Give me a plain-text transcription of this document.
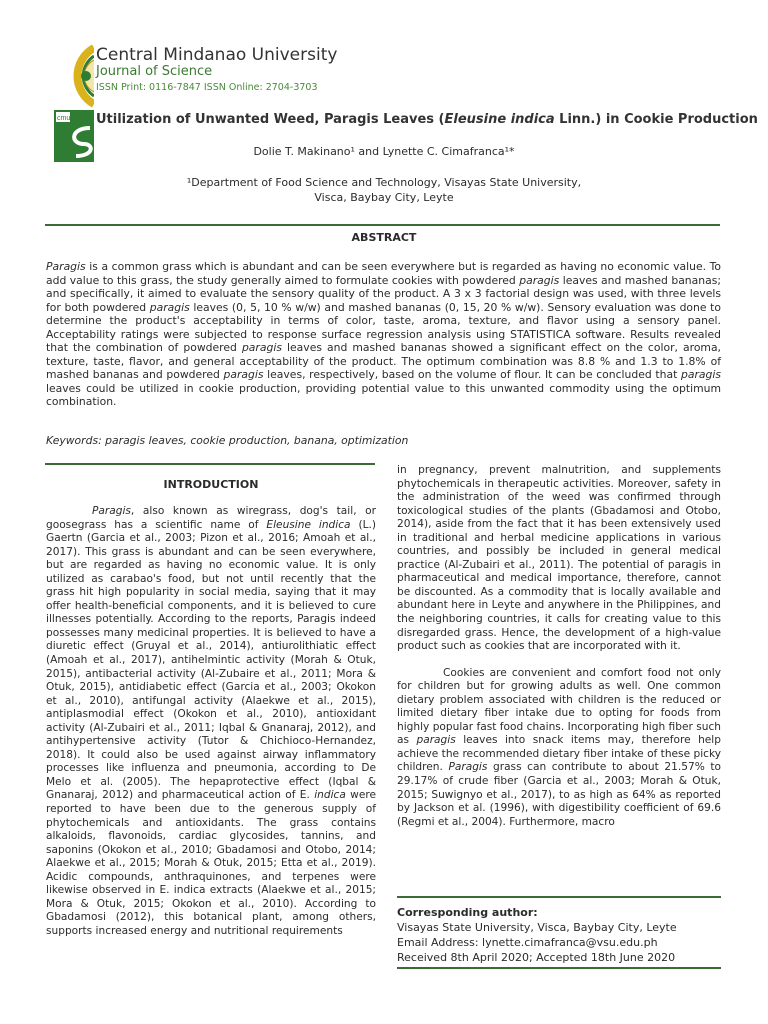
cmu
Central Mindanao University
Journal of Science
ISSN Print: 0116-7847 ISSN Online: 2704-3703
Utilization of Unwanted Weed, Paragis Leaves (Eleusine indica Linn.) in Cookie Production
Dolie T. Makinano¹ and Lynette C. Cimafranca¹*
¹Department of Food Science and Technology, Visayas State University,
Visca, Baybay City, Leyte
ABSTRACT
Paragis is a common grass which is abundant and can be seen everywhere but is regarded as having no economic value. To add value to this grass, the study generally aimed to formulate cookies with powdered paragis leaves and mashed bananas; and specifically, it aimed to evaluate the sensory quality of the product. A 3 x 3 factorial design was used, with three levels for both powdered paragis leaves (0, 5, 10 % w/w) and mashed bananas (0, 15, 20 % w/w). Sensory evaluation was done to determine the product's acceptability in terms of color, taste, aroma, texture, and flavor using a sensory panel. Acceptability ratings were subjected to response surface regression analysis using STATISTICA software. Results revealed that the combination of powdered paragis leaves and mashed bananas showed a significant effect on the color, aroma, texture, taste, flavor, and general acceptability of the product. The optimum combination was 8.8 % and 1.3 to 1.8% of mashed bananas and powdered paragis leaves, respectively, based on the volume of flour. It can be concluded that paragis leaves could be utilized in cookie production, providing potential value to this unwanted commodity using the optimum combination.
Keywords: paragis leaves, cookie production, banana, optimization
INTRODUCTION

Paragis, also known as wiregrass, dog's tail, or goosegrass has a scientific name of Eleusine indica (L.) Gaertn (Garcia et al., 2003; Pizon et al., 2016; Amoah et al., 2017). This grass is abundant and can be seen everywhere, but are regarded as having no economic value. It is only utilized as carabao's food, but not until recently that the grass hit high popularity in social media, saying that it may offer health-beneficial components, and it is believed to cure illnesses potentially. According to the reports, Paragis indeed possesses many medicinal properties. It is believed to have a diuretic effect (Gruyal et al., 2014), antiurolithiatic effect (Amoah et al., 2017), antihelmintic activity (Morah & Otuk, 2015), antibacterial activity (Al-Zubaire et al., 2011; Mora & Otuk, 2015), antidiabetic effect (Garcia et al., 2003; Okokon et al., 2010), antifungal activity (Alaekwe et al., 2015), antiplasmodial effect (Okokon et al., 2010), antioxidant activity (Al-Zubairi et al., 2011; Iqbal & Gnanaraj, 2012), and antihypertensive activity (Tutor & Chichioco-Hernandez, 2018). It could also be used against airway inflammatory processes like influenza and pneumonia, according to De Melo et al. (2005). The hepaprotective effect (Iqbal & Gnanaraj, 2012) and pharmaceutical action of E. indica were reported to have been due to the generous supply of phytochemicals and antioxidants. The grass contains alkaloids, flavonoids, cardiac glycosides, tannins, and saponins (Okokon et al., 2010; Gbadamosi and Otobo, 2014; Alaekwe et al., 2015; Morah & Otuk, 2015; Etta et al., 2019). Acidic compounds, anthraquinones, and terpenes were likewise observed in E. indica extracts (Alaekwe et al., 2015; Mora & Otuk, 2015; Okokon et al., 2010). According to Gbadamosi (2012), this botanical plant, among others, supports increased energy and nutritional requirements

in pregnancy, prevent malnutrition, and supplements phytochemicals in therapeutic activities. Moreover, safety in the administration of the weed was confirmed through toxicological studies of the plants (Gbadamosi and Otobo, 2014), aside from the fact that it has been extensively used in traditional and herbal medicine applications in various countries, and possibly be included in general medical practice (Al-Zubairi et al., 2011). The potential of paragis in pharmaceutical and medical importance, therefore, cannot be discounted. As a commodity that is locally available and abundant here in Leyte and anywhere in the Philippines, and the neighboring countries, it calls for creating value to this disregarded grass. Hence, the development of a high-value product such as cookies that are incorporated with it.

Cookies are convenient and comfort food not only for children but for growing adults as well. One common dietary problem associated with children is the reduced or limited dietary fiber intake due to opting for foods from highly popular fast food chains. Incorporating high fiber such as paragis leaves into snack items may, therefore help achieve the recommended dietary fiber intake of these picky children. Paragis grass can contribute to about 21.57% to 29.17% of crude fiber (Garcia et al., 2003; Morah & Otuk, 2015; Suwignyo et al., 2017), to as high as 64% as reported by Jackson et al. (1996), with digestibility coefficient of 69.6 (Regmi et al., 2004). Furthermore, macro

Corresponding author:
Visayas State University, Visca, Baybay City, Leyte
Email Address: lynette.cimafranca@vsu.edu.ph
Received 8th April 2020; Accepted 18th June 2020
